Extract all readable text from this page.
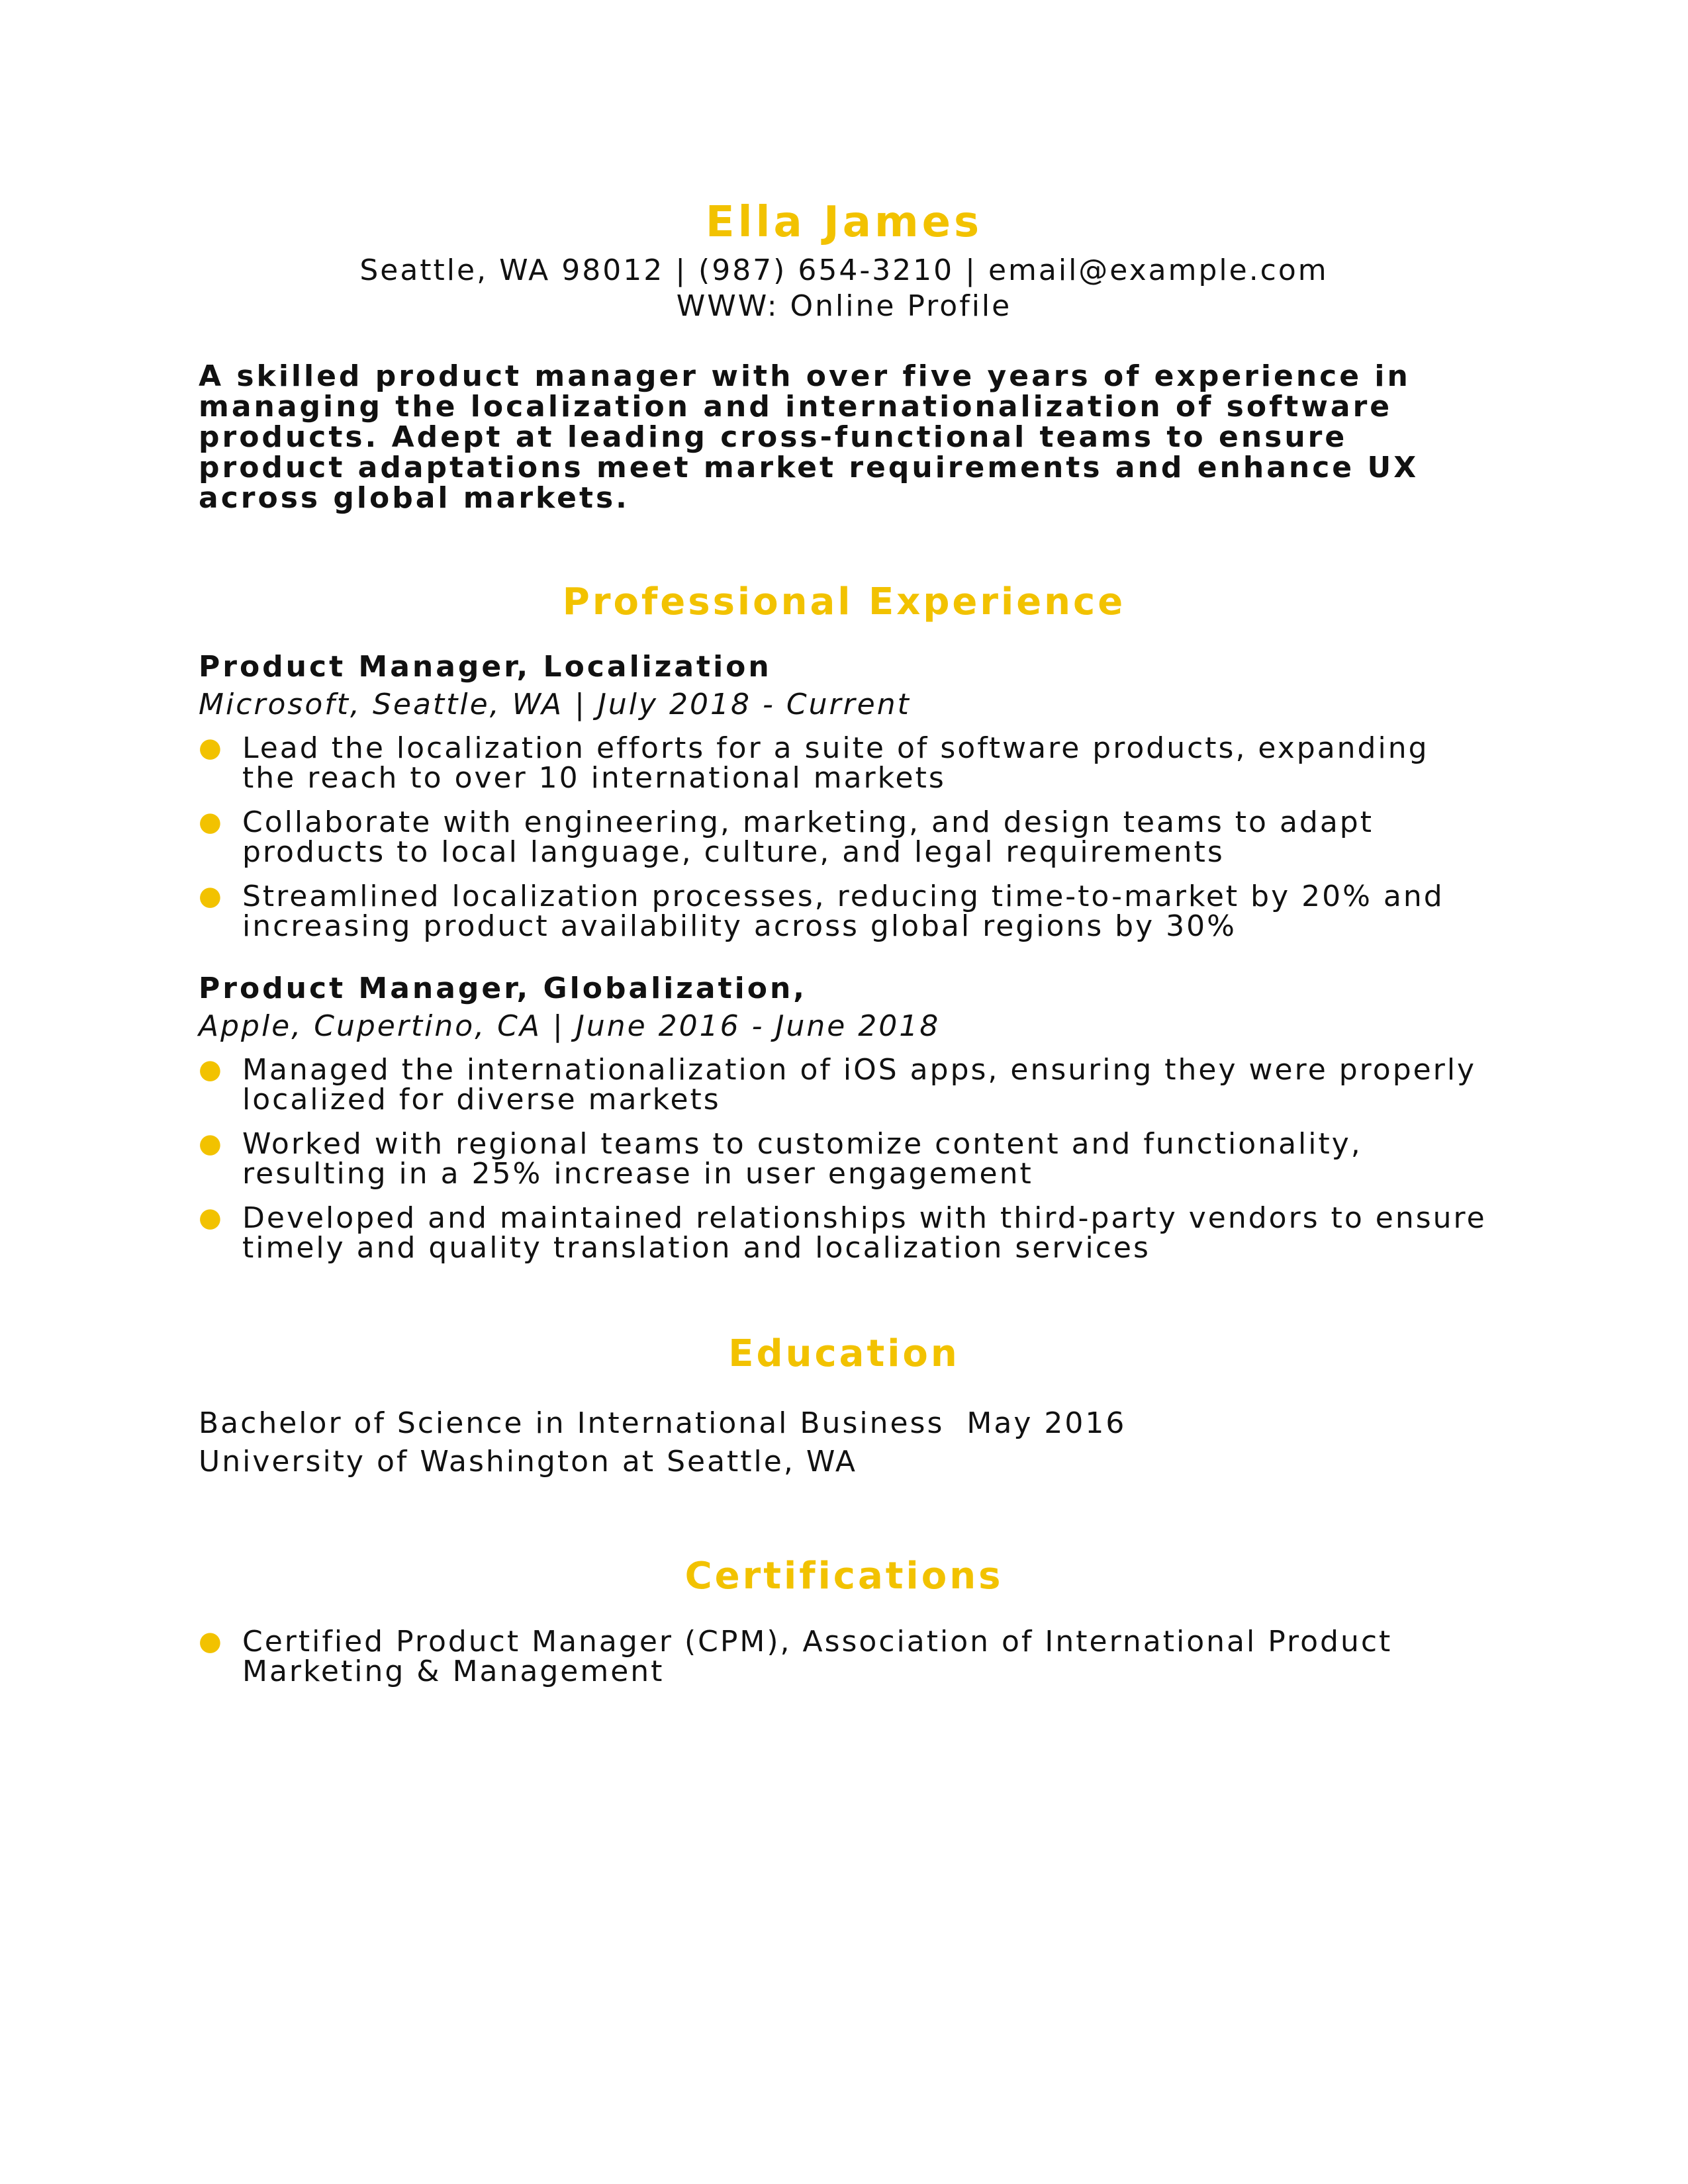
Ella James

Seattle, WA 98012 | (987) 654-3210 | email@example.com

WWW: Online Profile

A skilled product manager with over five years of experience in managing the localization and internationalization of software products. Adept at leading cross-functional teams to ensure product adaptations meet market requirements and enhance UX across global markets.

Professional Experience

Product Manager, Localization

Microsoft, Seattle, WA | July 2018 - Current

● Lead the localization efforts for a suite of software products, expanding the reach to over 10 international markets
● Collaborate with engineering, marketing, and design teams to adapt products to local language, culture, and legal requirements
● Streamlined localization processes, reducing time-to-market by 20% and increasing product availability across global regions by 30%

Product Manager, Globalization,

Apple, Cupertino, CA | June 2016 - June 2018

● Managed the internationalization of iOS apps, ensuring they were properly localized for diverse markets
● Worked with regional teams to customize content and functionality, resulting in a 25% increase in user engagement
● Developed and maintained relationships with third-party vendors to ensure timely and quality translation and localization services
Education

Bachelor of Science in International Business May 2016

University of Washington at Seattle, WA

Certifications
● Certified Product Manager (CPM), Association of International Product Marketing & Management
